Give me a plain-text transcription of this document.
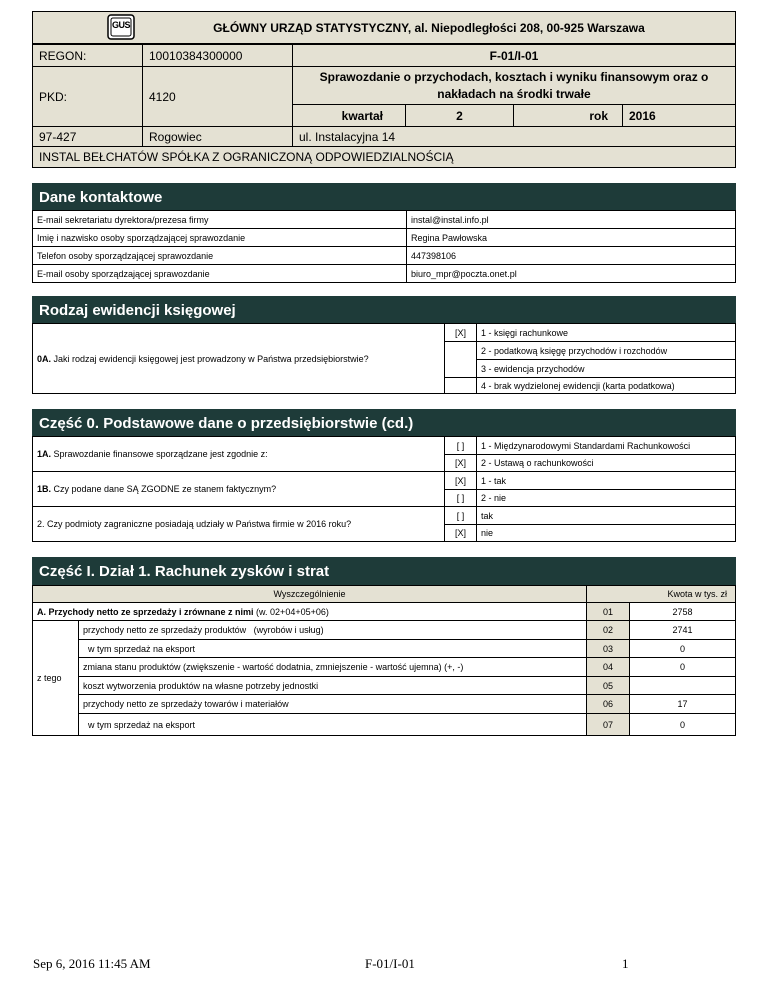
GŁÓWNY URZĄD STATYSTYCZNY, al. Niepodległości 208, 00-925 Warszawa
GUS
REGON:	10010384300000	F-01/I-01
PKD:	4120
Sprawozdanie o przychodach, kosztach i wyniku finansowym oraz o nakładach na środki trwałe
kwartał	2	rok 2016
97-427	Rogowiec	ul. Instalacyjna 14
INSTAL BEŁCHATÓW SPÓŁKA Z OGRANICZONĄ ODPOWIEDZIALNOŚCIĄ
Dane kontaktowe
E-mail sekretariatu dyrektora/prezesa firmy	instal@instal.info.pl
Imię i nazwisko osoby sporządzającej sprawozdanie	Regina Pawłowska
Telefon osoby sporządzającej sprawozdanie	447398106
E-mail osoby sporządzającej sprawozdanie	biuro_mpr@poczta.onet.pl
Rodzaj ewidencji księgowej
0A. Jaki rodzaj ewidencji księgowej jest prowadzony w Państwa przedsiębiorstwie?
[X] 1 - księgi rachunkowe
2 - podatkową księgę przychodów i rozchodów
3 - ewidencja przychodów
4 - brak wydzielonej ewidencji (karta podatkowa)
Część 0. Podstawowe dane o przedsiębiorstwie (cd.)
1A. Sprawozdanie finansowe sporządzane jest zgodnie z:
[ ] 1 - Międzynarodowymi Standardami Rachunkowości
[X] 2 - Ustawą o rachunkowości
1B. Czy podane dane SĄ ZGODNE ze stanem faktycznym?
[X] 1 - tak
[ ] 2 - nie
2. Czy podmioty zagraniczne posiadają udziały w Państwa firmie w 2016 roku?
[ ] tak
[X] nie
Część I. Dział 1. Rachunek zysków i strat
Wyszczególnienie	Kwota w tys. zł
A. Przychody netto ze sprzedaży i zrównane z nimi (w. 02+04+05+06)	01	2758
z tego
przychody netto ze sprzedaży produktów   (wyrobów i usług)	02	2741
w tym sprzedaż na eksport	03	0
zmiana stanu produktów (zwiększenie - wartość dodatnia, zmniejszenie - wartość ujemna) (+, -)	04	0
koszt wytworzenia produktów na własne potrzeby jednostki	05
przychody netto ze sprzedaży towarów i materiałów	06	17
w tym sprzedaż na eksport	07	0
Sep 6, 2016 11:45 AM	F-01/I-01	1
